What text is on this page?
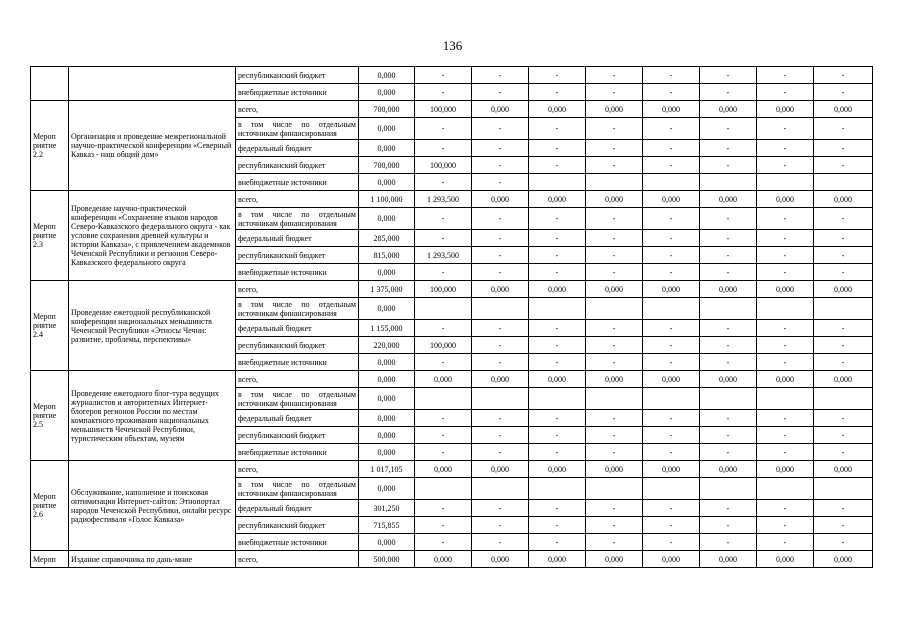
136
		республиканский бюджет	0,000	-	-	-	-	-	-	-	-
		внебюджетные источники	0,000	-	-	-	-	-	-	-	-
Мероп риятие 2.2	Организация и проведение межрегиональной научно-практической конференции «Северный Кавказ - наш общий дом»	всего,	700,000	100,000	0,000	0,000	0,000	0,000	0,000	0,000	0,000
		в том числе по отдельным источникам финансирования	0,000	-	-	-	-	-	-	-	-
		федеральный бюджет	0,000	-	-	-	-	-	-	-	-
		республиканский бюджет	700,000	100,000	-	-	-	-	-	-	-
		внебюджетные источники	0,000	-	-						
Мероп риятие 2.3	Проведение научно-практической конференции «Сохранение языков народов Северо-Кавказского федерального округа - как условие сохранения древней культуры и истории Кавказа», с привлечением академиков Чеченской Республики и регионов Северо-Кавказского федерального округа	всего,	1 100,000	1 293,500	0,000	0,000	0,000	0,000	0,000	0,000	0,000
		в том числе по отдельным источникам финансирования	0,000	-	-	-	-	-	-	-	-
		федеральный бюджет	285,000	-	-	-	-	-	-	-	-
		республиканский бюджет	815,000	1 293,500	-	-	-	-	-	-	-
		внебюджетные источники	0,000	-	-	-	-	-	-	-	-
Мероп риятие 2.4	Проведение ежегодной республиканской конференции национальных меньшинств Чеченской Республики «Этносы Чечни: развитие, проблемы, перспективы»	всего,	1 375,000	100,000	0,000	0,000	0,000	0,000	0,000	0,000	0,000
		в том числе по отдельным источникам финансирования	0,000								
		федеральный бюджет	1 155,000	-	-	-	-	-	-	-	-
		республиканский бюджет	220,000	100,000	-	-	-	-	-	-	-
		внебюджетные источники	0,000	-	-	-	-	-	-	-	-
Мероп риятие 2.5	Проведение ежегодного блог-тура ведущих журналистов и авторитетных Интернет-блогеров регионов России по местам компактного проживания национальных меньшинств Чеченской Республики, туристическим объектам, музеям	всего,	0,000	0,000	0,000	0,000	0,000	0,000	0,000	0,000	0,000
		в том числе по отдельным источникам финансирования	0,000								
		федеральный бюджет	0,000	-	-	-	-	-	-	-	-
		республиканский бюджет	0,000	-	-	-	-	-	-	-	-
		внебюджетные источники	0,000	-	-	-	-	-	-	-	-
Мероп риятие 2.6	Обслуживание, наполнение и поисковая оптимизация Интернет-сайтов: Этнопортал народов Чеченской Республики, онлайн ресурс радиофестиваля «Голос Кавказа»	всего,	1 017,105	0,000	0,000	0,000	0,000	0,000	0,000	0,000	0,000
		в том числе по отдельным источникам финансирования	0,000								
		федеральный бюджет	301,250	-	-	-	-	-	-	-	-
		республиканский бюджет	715,855	-	-	-	-	-	-	-	-
		внебюджетные источники	0,000	-	-	-	-	-	-	-	-
Мероп	Издание справочника по дань-мние	всего,	500,000	0,000	0,000	0,000	0,000	0,000	0,000	0,000	0,000
